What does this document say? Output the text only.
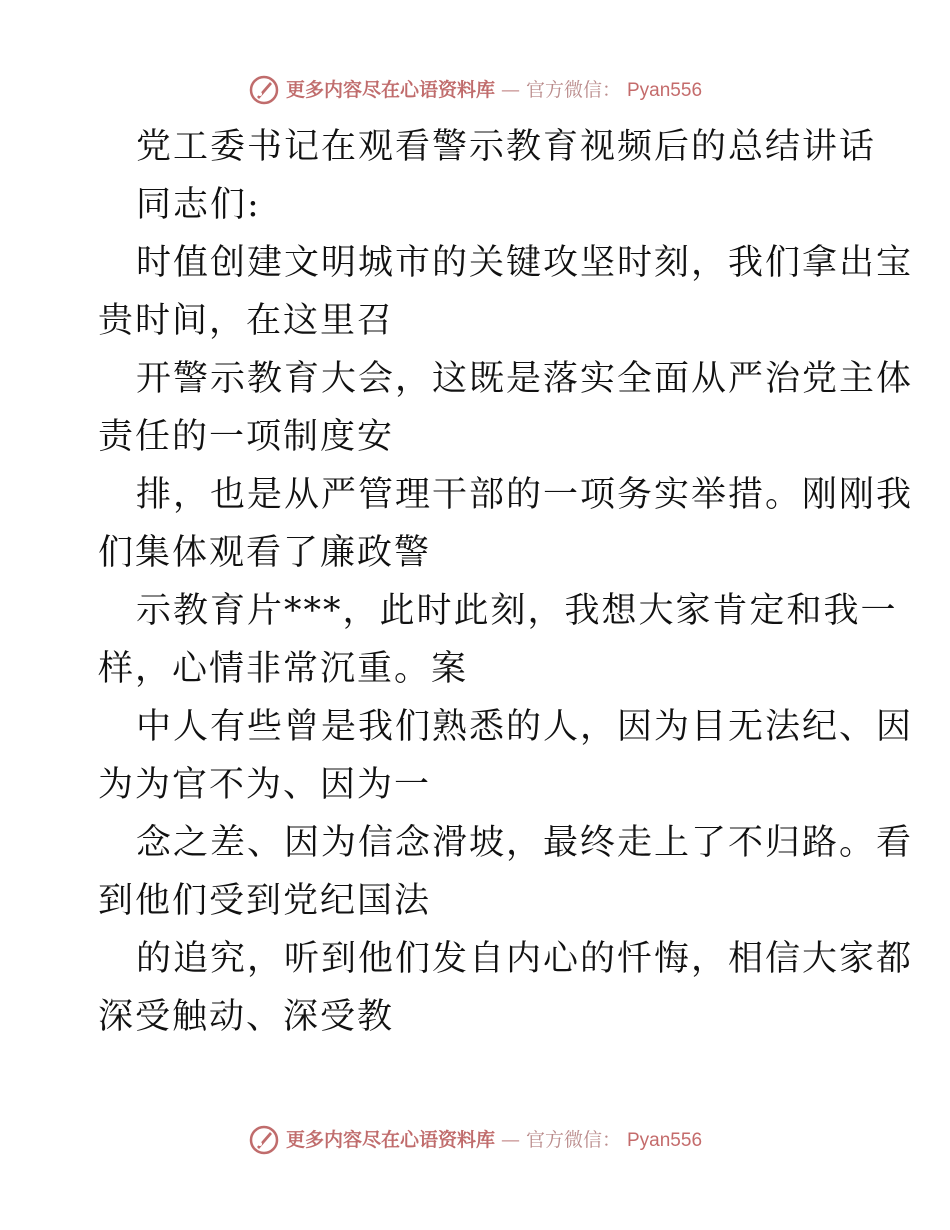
更多内容尽在心语资料库 — 官方微信： Pyan556
党工委书记在观看警示教育视频后的总结讲话
同志们:
时值创建文明城市的关键攻坚时刻，我们拿出宝
贵时间，在这里召
开警示教育大会，这既是落实全面从严治党主体
责任的一项制度安
排，也是从严管理干部的一项务实举措。刚刚我
们集体观看了廉政警
示教育片***，此时此刻，我想大家肯定和我一
样，心情非常沉重。案
中人有些曾是我们熟悉的人，因为目无法纪、因
为为官不为、因为一
念之差、因为信念滑坡，最终走上了不归路。看
到他们受到党纪国法
的追究，听到他们发自内心的忏悔，相信大家都
深受触动、深受教
更多内容尽在心语资料库 — 官方微信： Pyan556
